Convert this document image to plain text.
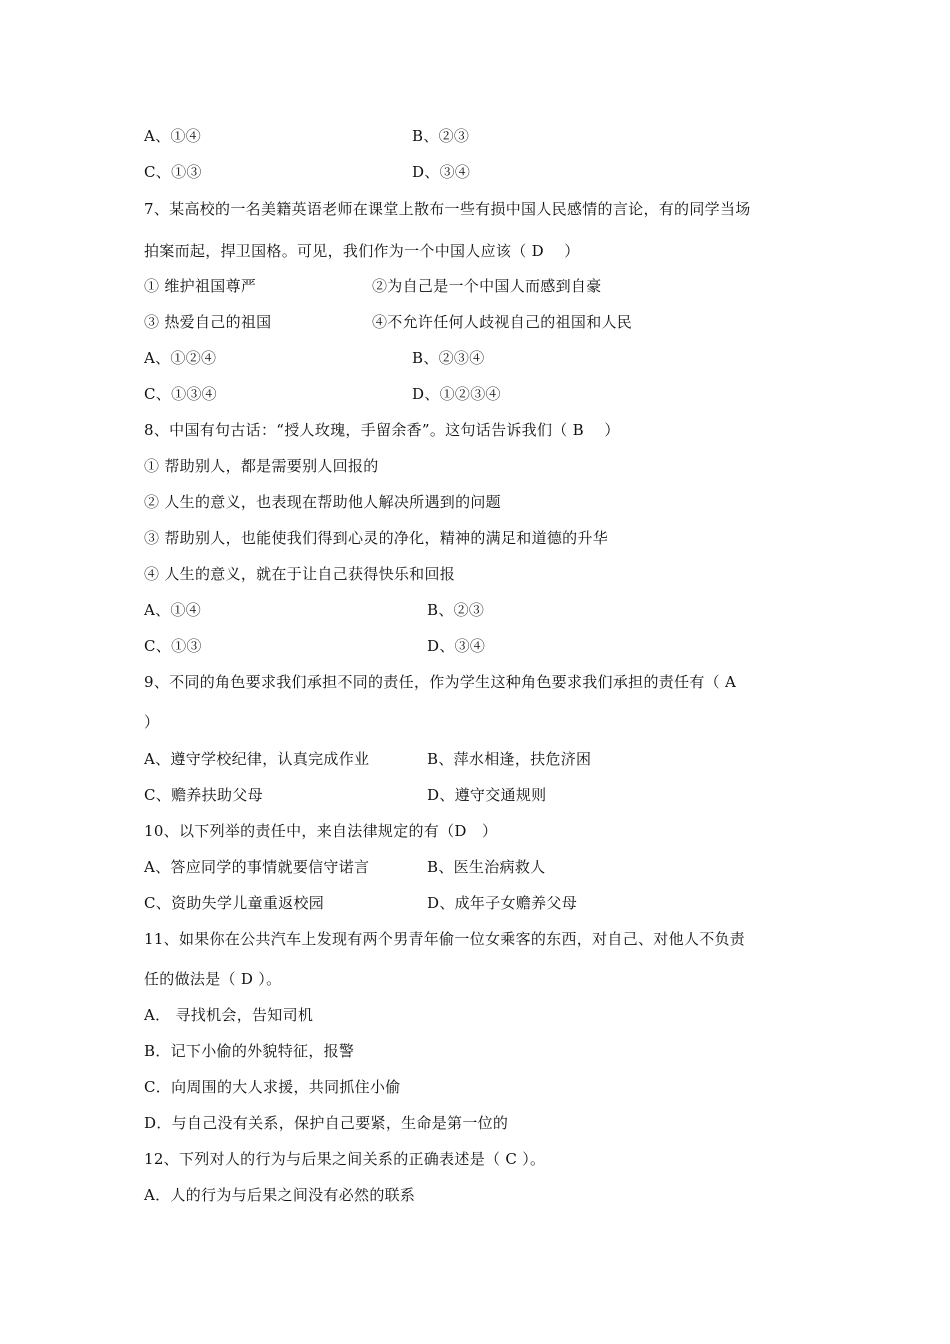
A、①④	B、②③
C、①③	D、③④
7、某高校的一名美籍英语老师在课堂上散布一些有损中国人民感情的言论，有的同学当场
拍案而起，捍卫国格。可见，我们作为一个中国人应该（ D　 ）
① 维护祖国尊严	②为自己是一个中国人而感到自豪
③ 热爱自己的祖国	④不允许任何人歧视自己的祖国和人民
A、①②④	B、②③④
C、①③④	D、①②③④
8、中国有句古话：“授人玫瑰，手留余香”。这句话告诉我们（ B　 ）
① 帮助别人，都是需要别人回报的
② 人生的意义，也表现在帮助他人解决所遇到的问题
③ 帮助别人，也能使我们得到心灵的净化，精神的满足和道德的升华
④ 人生的意义，就在于让自己获得快乐和回报
A、①④	B、②③
C、①③	D、③④
9、不同的角色要求我们承担不同的责任，作为学生这种角色要求我们承担的责任有（ A
）
A、遵守学校纪律，认真完成作业	B、萍水相逢，扶危济困
C、赡养扶助父母	D、遵守交通规则
10、以下列举的责任中，来自法律规定的有（D　）
A、答应同学的事情就要信守诺言	B、医生治病救人
C、资助失学儿童重返校园	D、成年子女赡养父母
11、如果你在公共汽车上发现有两个男青年偷一位女乘客的东西，对自己、对他人不负责
任的做法是（ D ）。
A． 寻找机会，告知司机
B．记下小偷的外貌特征，报警
C．向周围的大人求援，共同抓住小偷
D．与自己没有关系，保护自己要紧，生命是第一位的
12、下列对人的行为与后果之间关系的正确表述是（ C ）。
A．人的行为与后果之间没有必然的联系
